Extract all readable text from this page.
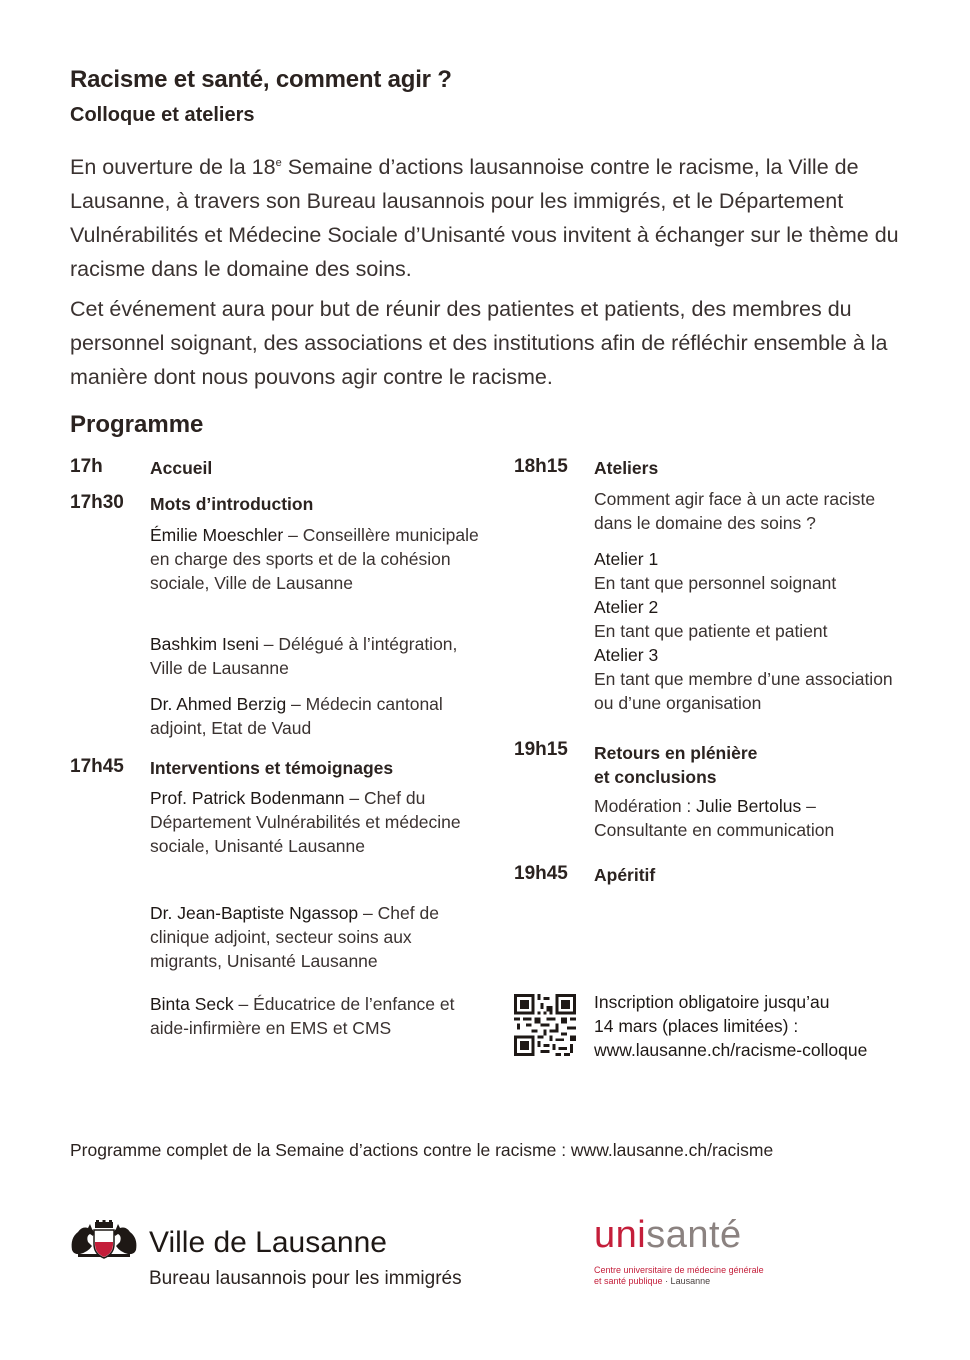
Racisme et santé, comment agir ?
Colloque et ateliers

En ouverture de la 18e Semaine d’actions lausannoise contre le racisme, la Ville de Lausanne, à travers son Bureau lausannois pour les immigrés, et le Département Vulnérabilités et Médecine Sociale d’Unisanté vous invitent à échanger sur le thème du racisme dans le domaine des soins.

Cet événement aura pour but de réunir des patientes et patients, des membres du personnel soignant, des associations et des institutions afin de réfléchir ensemble à la manière dont nous pouvons agir contre le racisme.

Programme
17h	Accueil
17h30 Mots d’introduction

Émilie Moeschler – Conseillère municipale en charge des sports et de la cohésion sociale, Ville de Lausanne

Bashkim Iseni – Délégué à l’intégration, Ville de Lausanne

Dr. Ahmed Berzig – Médecin cantonal adjoint, Etat de Vaud

17h45 Interventions et témoignages

Prof. Patrick Bodenmann – Chef du Département Vulnérabilités et médecine sociale, Unisanté Lausanne

Dr. Jean-Baptiste Ngassop – Chef de clinique adjoint, secteur soins aux migrants, Unisanté Lausanne

Binta Seck – Éducatrice de l’enfance et aide-infirmière en EMS et CMS

18h15 Ateliers

Comment agir face à un acte raciste dans le domaine des soins ?

Atelier 1
En tant que personnel soignant
Atelier 2
En tant que patiente et patient
Atelier 3
En tant que membre d’une association ou d’une organisation

19h15 Retours en plénière
et conclusions

Modération : Julie Bertolus – Consultante en communication

19h45 Apéritif

Inscription obligatoire jusqu’au
14 mars (places limitées) :
www.lausanne.ch/racisme-colloque

Programme complet de la Semaine d’actions contre le racisme : www.lausanne.ch/racisme
Ville de Lausanne
Bureau lausannois pour les immigrés
unisanté
Centre universitaire de médecine générale
et santé publique · Lausanne
